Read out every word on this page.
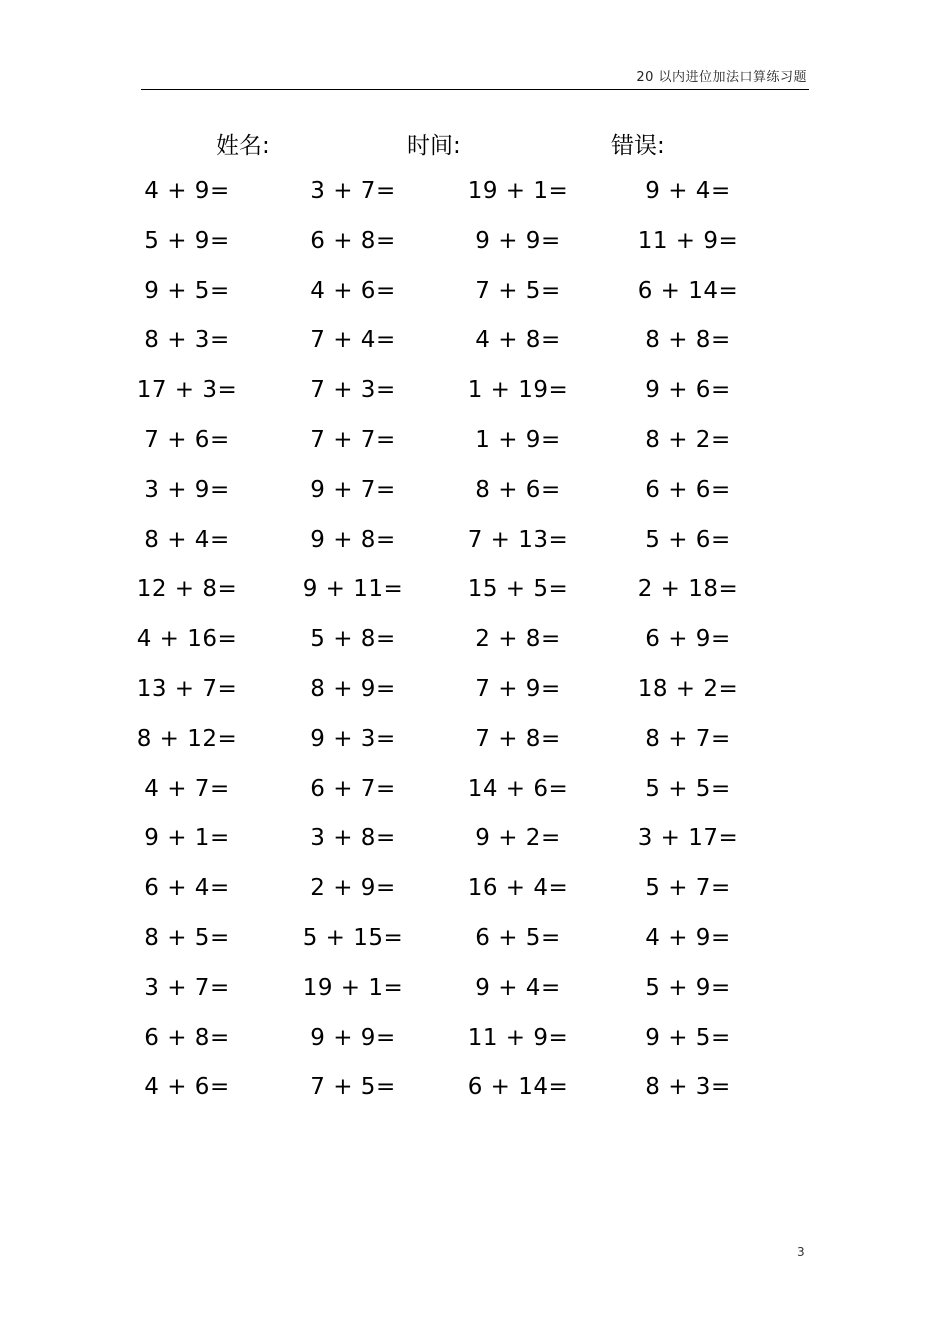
20 以内进位加法口算练习题
姓名:	时间:	错误:
4 + 9=	3 + 7=	19 + 1=	9 + 4=
5 + 9=	6 + 8=	9 + 9=	11 + 9=
9 + 5=	4 + 6=	7 + 5=	6 + 14=
8 + 3=	7 + 4=	4 + 8=	8 + 8=
17 + 3=	7 + 3=	1 + 19=	9 + 6=
7 + 6=	7 + 7=	1 + 9=	8 + 2=
3 + 9=	9 + 7=	8 + 6=	6 + 6=
8 + 4=	9 + 8=	7 + 13=	5 + 6=
12 + 8=	9 + 11=	15 + 5=	2 + 18=
4 + 16=	5 + 8=	2 + 8=	6 + 9=
13 + 7=	8 + 9=	7 + 9=	18 + 2=
8 + 12=	9 + 3=	7 + 8=	8 + 7=
4 + 7=	6 + 7=	14 + 6=	5 + 5=
9 + 1=	3 + 8=	9 + 2=	3 + 17=
6 + 4=	2 + 9=	16 + 4=	5 + 7=
8 + 5=	5 + 15=	6 + 5=	4 + 9=
3 + 7=	19 + 1=	9 + 4=	5 + 9=
6 + 8=	9 + 9=	11 + 9=	9 + 5=
4 + 6=	7 + 5=	6 + 14=	8 + 3=
3
